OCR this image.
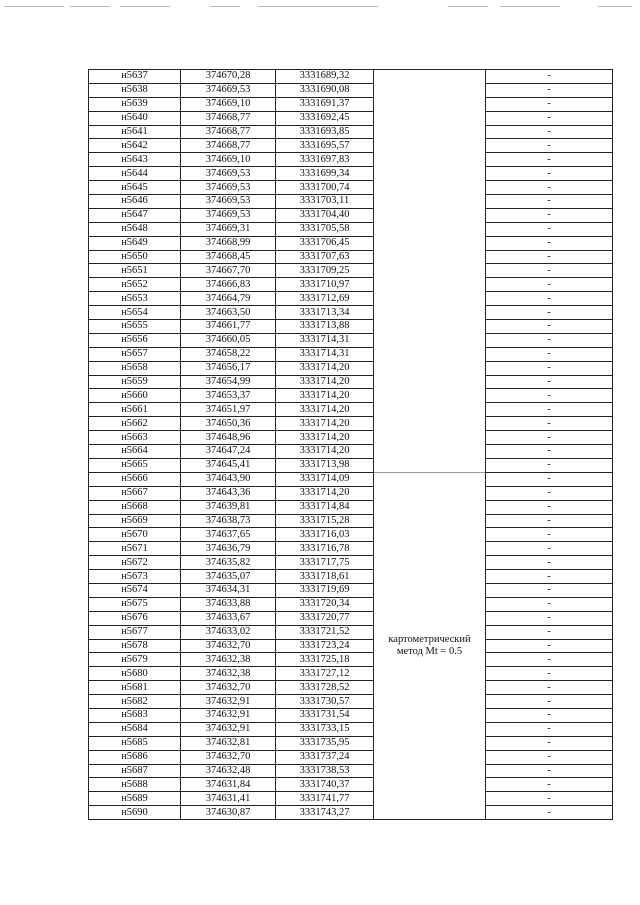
н5637	374670,28	3331689,32		-
н5638	374669,53	3331690,08		-
н5639	374669,10	3331691,37		-
н5640	374668,77	3331692,45		-
н5641	374668,77	3331693,85		-
н5642	374668,77	3331695,57		-
н5643	374669,10	3331697,83		-
н5644	374669,53	3331699,34		-
н5645	374669,53	3331700,74		-
н5646	374669,53	3331703,11		-
н5647	374669,53	3331704,40		-
н5648	374669,31	3331705,58		-
н5649	374668,99	3331706,45		-
н5650	374668,45	3331707,63		-
н5651	374667,70	3331709,25		-
н5652	374666,83	3331710,97		-
н5653	374664,79	3331712,69		-
н5654	374663,50	3331713,34		-
н5655	374661,77	3331713,88		-
н5656	374660,05	3331714,31		-
н5657	374658,22	3331714,31		-
н5658	374656,17	3331714,20		-
н5659	374654,99	3331714,20		-
н5660	374653,37	3331714,20		-
н5661	374651,97	3331714,20		-
н5662	374650,36	3331714,20		-
н5663	374648,96	3331714,20		-
н5664	374647,24	3331714,20		-
н5665	374645,41	3331713,98		-
н5666	374643,90	3331714,09	картометрический метод Mt = 0.5	-
н5667	374643,36	3331714,20		-
н5668	374639,81	3331714,84		-
н5669	374638,73	3331715,28		-
н5670	374637,65	3331716,03		-
н5671	374636,79	3331716,78		-
н5672	374635,82	3331717,75		-
н5673	374635,07	3331718,61		-
н5674	374634,31	3331719,69		-
н5675	374633,88	3331720,34		-
н5676	374633,67	3331720,77		-
н5677	374633,02	3331721,52		-
н5678	374632,70	3331723,24		-
н5679	374632,38	3331725,18		-
н5680	374632,38	3331727,12		-
н5681	374632,70	3331728,52		-
н5682	374632,91	3331730,57		-
н5683	374632,91	3331731,54		-
н5684	374632,91	3331733,15		-
н5685	374632,81	3331735,95		-
н5686	374632,70	3331737,24		-
н5687	374632,48	3331738,53		-
н5688	374631,84	3331740,37		-
н5689	374631,41	3331741,77		-
н5690	374630,87	3331743,27		-
